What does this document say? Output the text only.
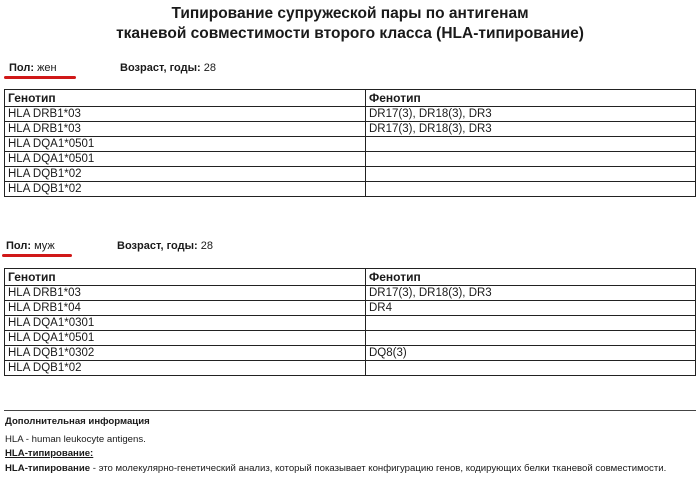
Типирование супружеской пары по антигенам
тканевой совместимости второго класса (HLA-типирование)
Пол: жен	Возраст, годы: 28
Генотип	Фенотип
HLA DRB1*03	DR17(3), DR18(3), DR3
HLA DRB1*03	DR17(3), DR18(3), DR3
HLA DQA1*0501	
HLA DQA1*0501	
HLA DQB1*02	
HLA DQB1*02	
Пол: муж	Возраст, годы: 28
Генотип	Фенотип
HLA DRB1*03	DR17(3), DR18(3), DR3
HLA DRB1*04	DR4
HLA DQA1*0301	
HLA DQA1*0501	
HLA DQB1*0302	DQ8(3)
HLA DQB1*02	
Дополнительная информация
HLA - human leukocyte antigens.
HLA-типирование:
HLA-типирование - это молекулярно-генетический анализ, который показывает конфигурацию генов, кодирующих белки тканевой совместимости.
